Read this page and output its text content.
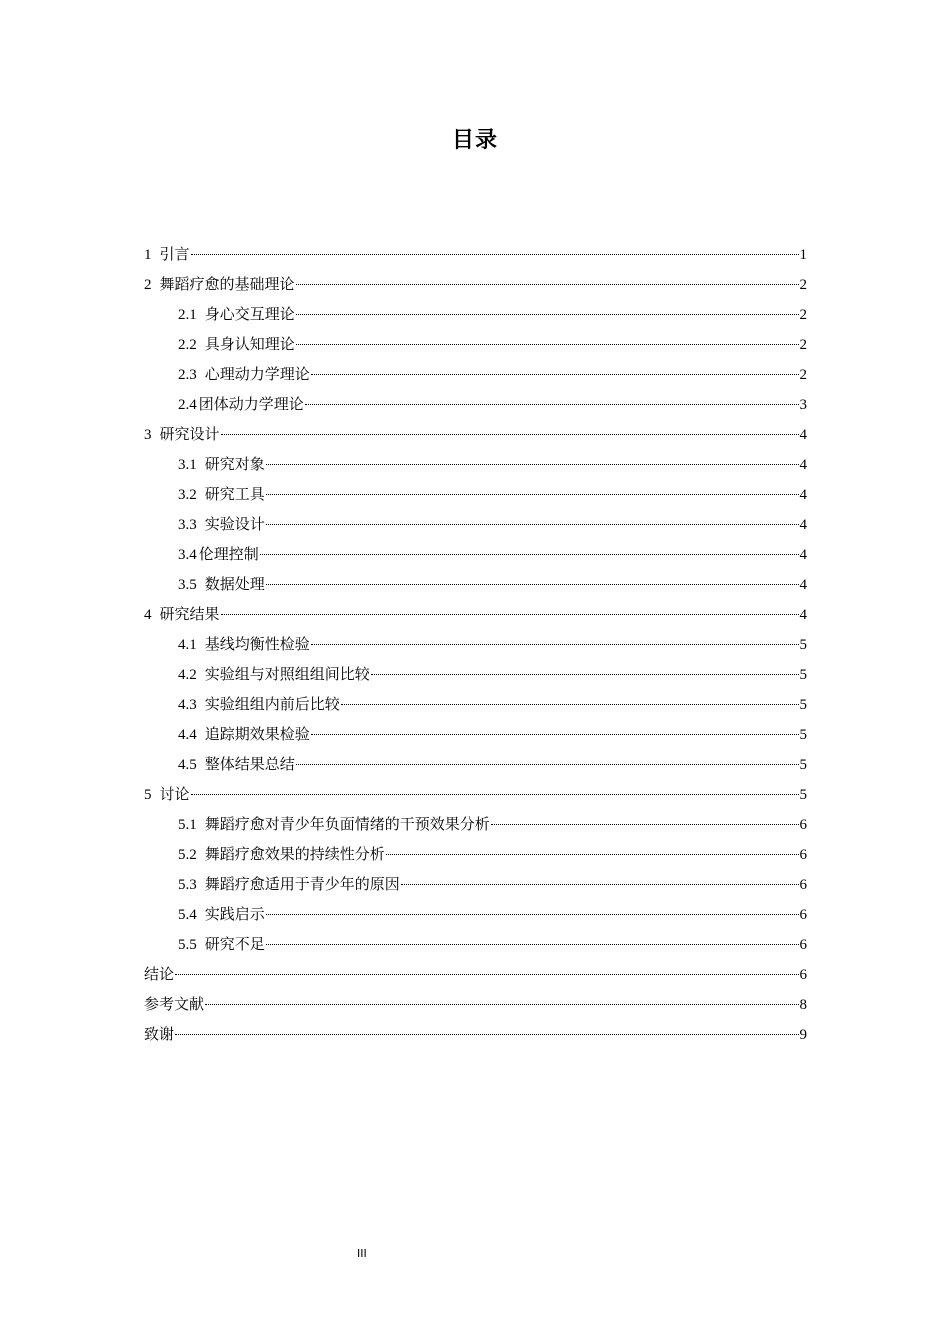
目录
1 引言	1
2 舞蹈疗愈的基础理论	2
2.1 身心交互理论	2
2.2 具身认知理论	2
2.3 心理动力学理论	2
2.4 团体动力学理论	3
3 研究设计	4
3.1 研究对象	4
3.2 研究工具	4
3.3 实验设计	4
3.4 伦理控制	4
3.5 数据处理	4
4 研究结果	4
4.1 基线均衡性检验	5
4.2 实验组与对照组组间比较	5
4.3 实验组组内前后比较	5
4.4 追踪期效果检验	5
4.5 整体结果总结	5
5 讨论	5
5.1 舞蹈疗愈对青少年负面情绪的干预效果分析	6
5.2 舞蹈疗愈效果的持续性分析	6
5.3 舞蹈疗愈适用于青少年的原因	6
5.4 实践启示	6
5.5 研究不足	6
结论	6
参考文献	8
致谢	9
III
